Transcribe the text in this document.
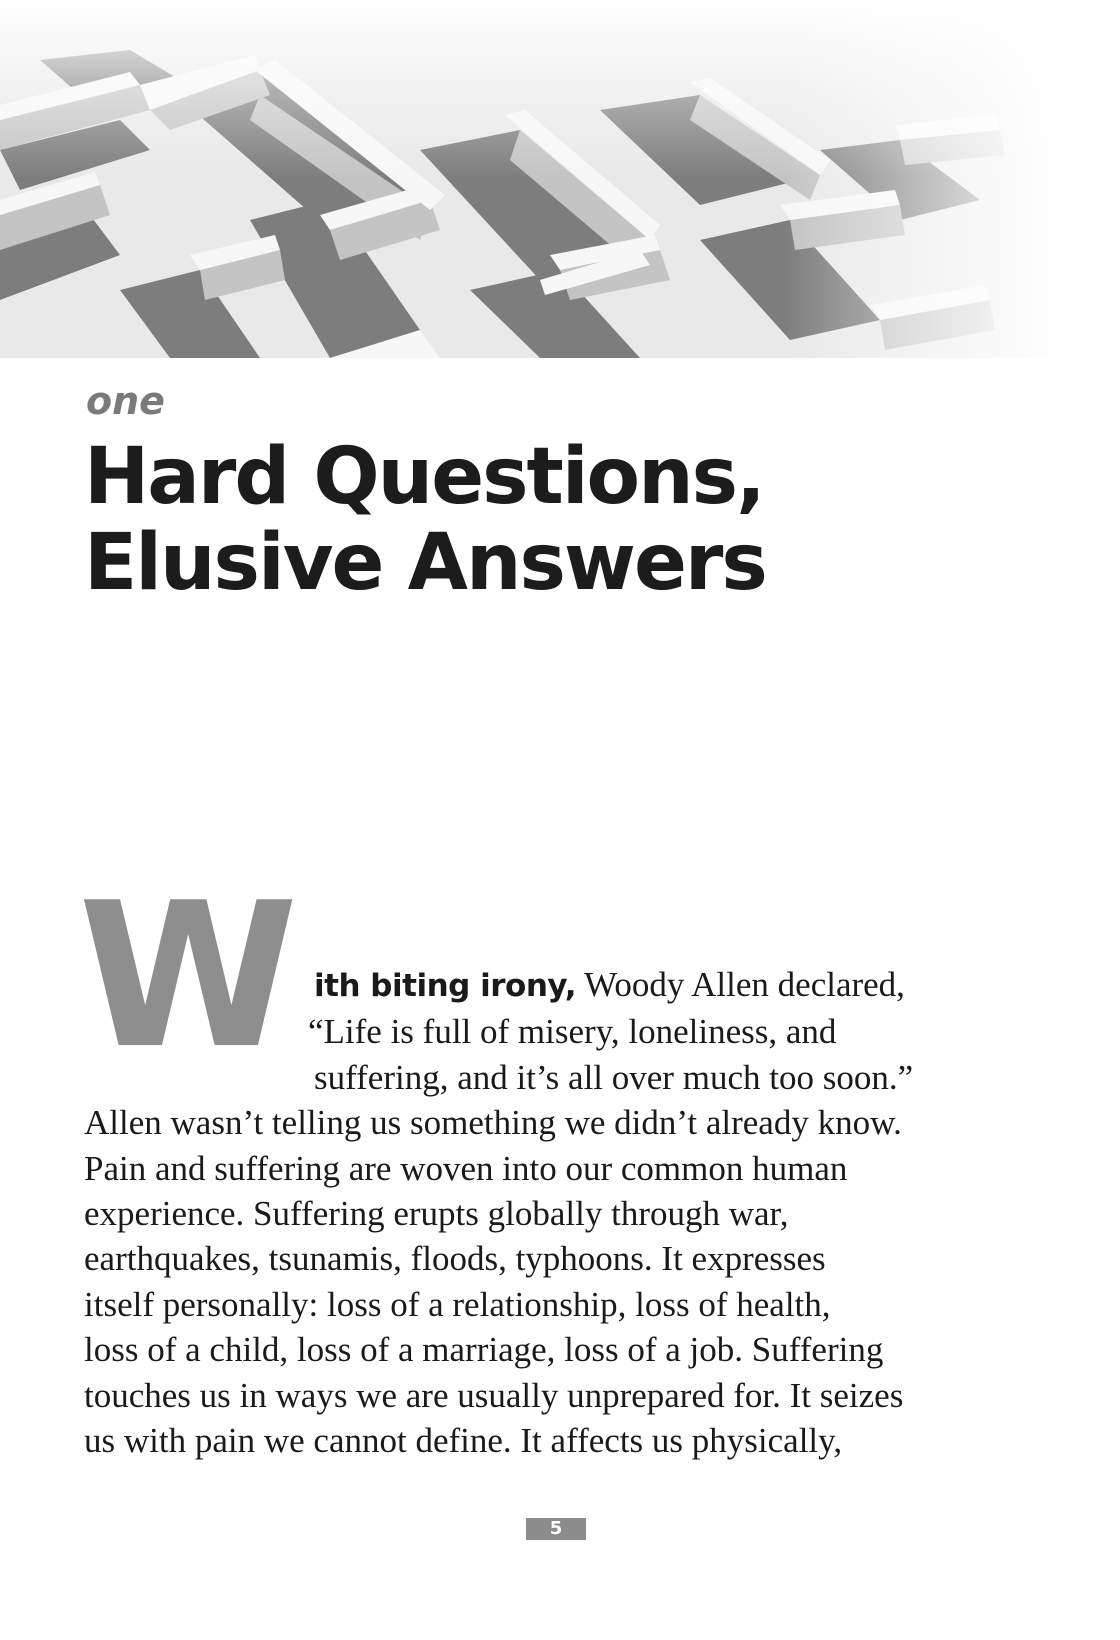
one

Hard Questions,
Elusive Answers
W ith biting irony, Woody Allen declared,
“Life is full of misery, loneliness, and
suffering, and it’s all over much too soon.”
Allen wasn’t telling us something we didn’t already know.
Pain and suffering are woven into our common human
experience. Suffering erupts globally through war,
earthquakes, tsunamis, floods, typhoons. It expresses
itself personally: loss of a relationship, loss of health,
loss of a child, loss of a marriage, loss of a job. Suffering
touches us in ways we are usually unprepared for. It seizes
us with pain we cannot define. It affects us physically,
5
